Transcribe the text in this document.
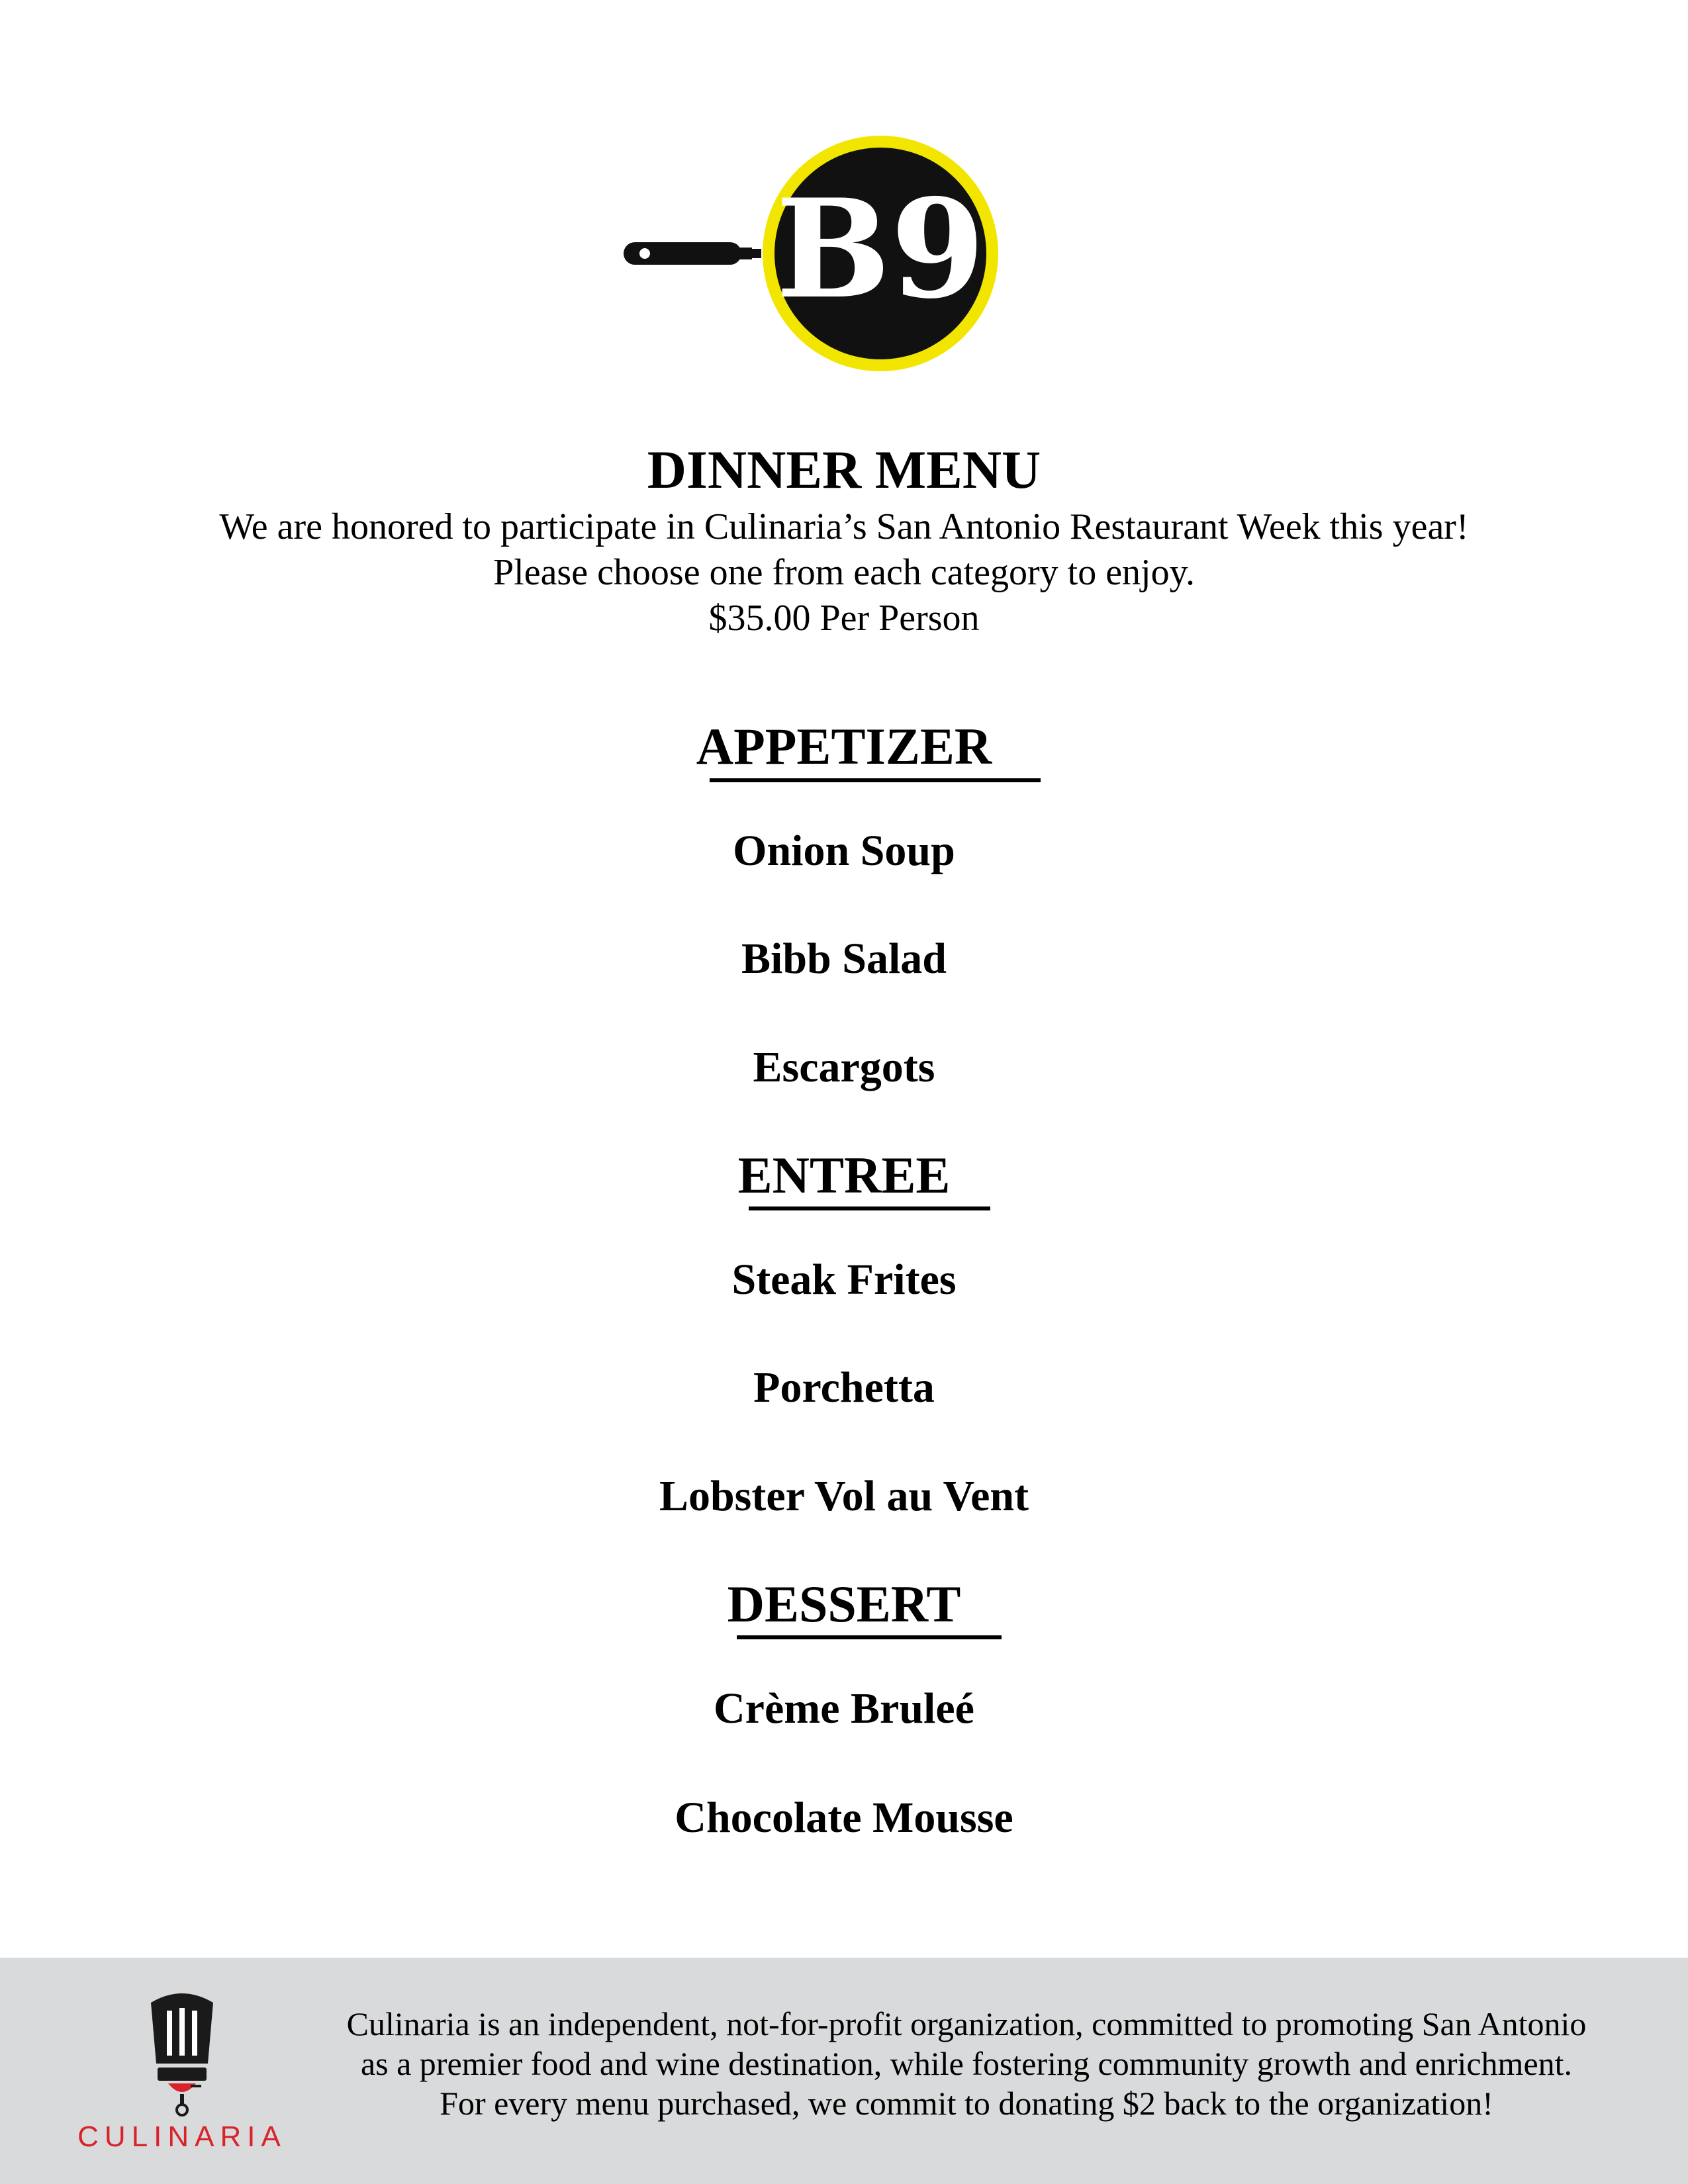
B9
DINNER MENU
We are honored to participate in Culinaria’s San Antonio Restaurant Week this year!
Please choose one from each category to enjoy.
$35.00 Per Person
APPETIZER
Onion Soup
Bibb Salad
Escargots
ENTREE
Steak Frites
Porchetta
Lobster Vol au Vent
DESSERT
Crème Bruleé
Chocolate Mousse
CULINARIA
Culinaria is an independent, not-for-profit organization, committed to promoting San Antonio
as a premier food and wine destination, while fostering community growth and enrichment.
For every menu purchased, we commit to donating $2 back to the organization!
